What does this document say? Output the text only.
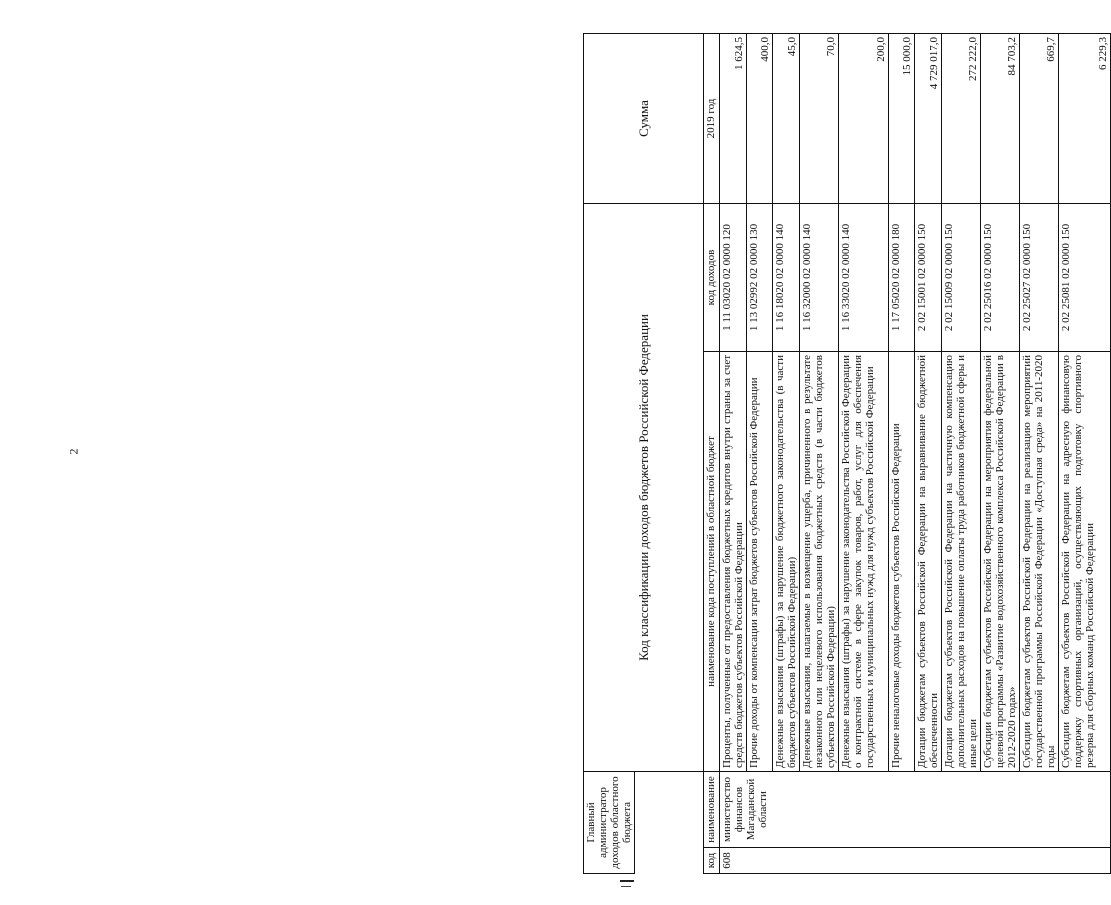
2
Главный администратор доходов областного бюджета		Код классификации доходов бюджетов Российской Федерации		Сумма

код	наименование	наименование кода поступлений в областной бюджет	код доходов	2019 год
608	министерство финансов Магаданской области	Проценты, полученные от предоставления бюджетных кредитов внутри страны за счет средств бюджетов субъектов Российской Федерации	1 11 03020 02 0000 120	1 624,5
		Прочие доходы от компенсации затрат бюджетов субъектов Российской Федерации	1 13 02992 02 0000 130	400,0
		Денежные взыскания (штрафы) за нарушение бюджетного законодательства (в части бюджетов субъектов Российской Федерации)	1 16 18020 02 0000 140	45,0
		Денежные взыскания, налагаемые в возмещение ущерба, причиненного в результате незаконного или нецелевого использования бюджетных средств (в части бюджетов субъектов Российской Федерации)	1 16 32000 02 0000 140	70,0
		Денежные взыскания (штрафы) за нарушение законодательства Российской Федерации о контрактной системе в сфере закупок товаров, работ, услуг для обеспечения государственных и муниципальных нужд для нужд субъектов Российской Федерации	1 16 33020 02 0000 140	200,0
		Прочие неналоговые доходы бюджетов субъектов Российской Федерации	1 17 05020 02 0000 180	15 000,0
		Дотации бюджетам субъектов Российской Федерации на выравнивание бюджетной обеспеченности	2 02 15001 02 0000 150	4 729 017,0
		Дотации бюджетам субъектов Российской Федерации на частичную компенсацию дополнительных расходов на повышение оплаты труда работников бюджетной сферы и иные цели	2 02 15009 02 0000 150	272 222,0
		Субсидии бюджетам субъектов Российской Федерации на мероприятия федеральной целевой программы «Развитие водохозяйственного комплекса Российской Федерации в 2012-2020 годах»	2 02 25016 02 0000 150	84 703,2
		Субсидии бюджетам субъектов Российской Федерации на реализацию мероприятий государственной программы Российской Федерации «Доступная среда» на 2011-2020 годы	2 02 25027 02 0000 150	669,7
		Субсидии бюджетам субъектов Российской Федерации на адресную финансовую поддержку спортивных организаций, осуществляющих подготовку спортивного резерва для сборных команд Российской Федерации	2 02 25081 02 0000 150	6 229,3
